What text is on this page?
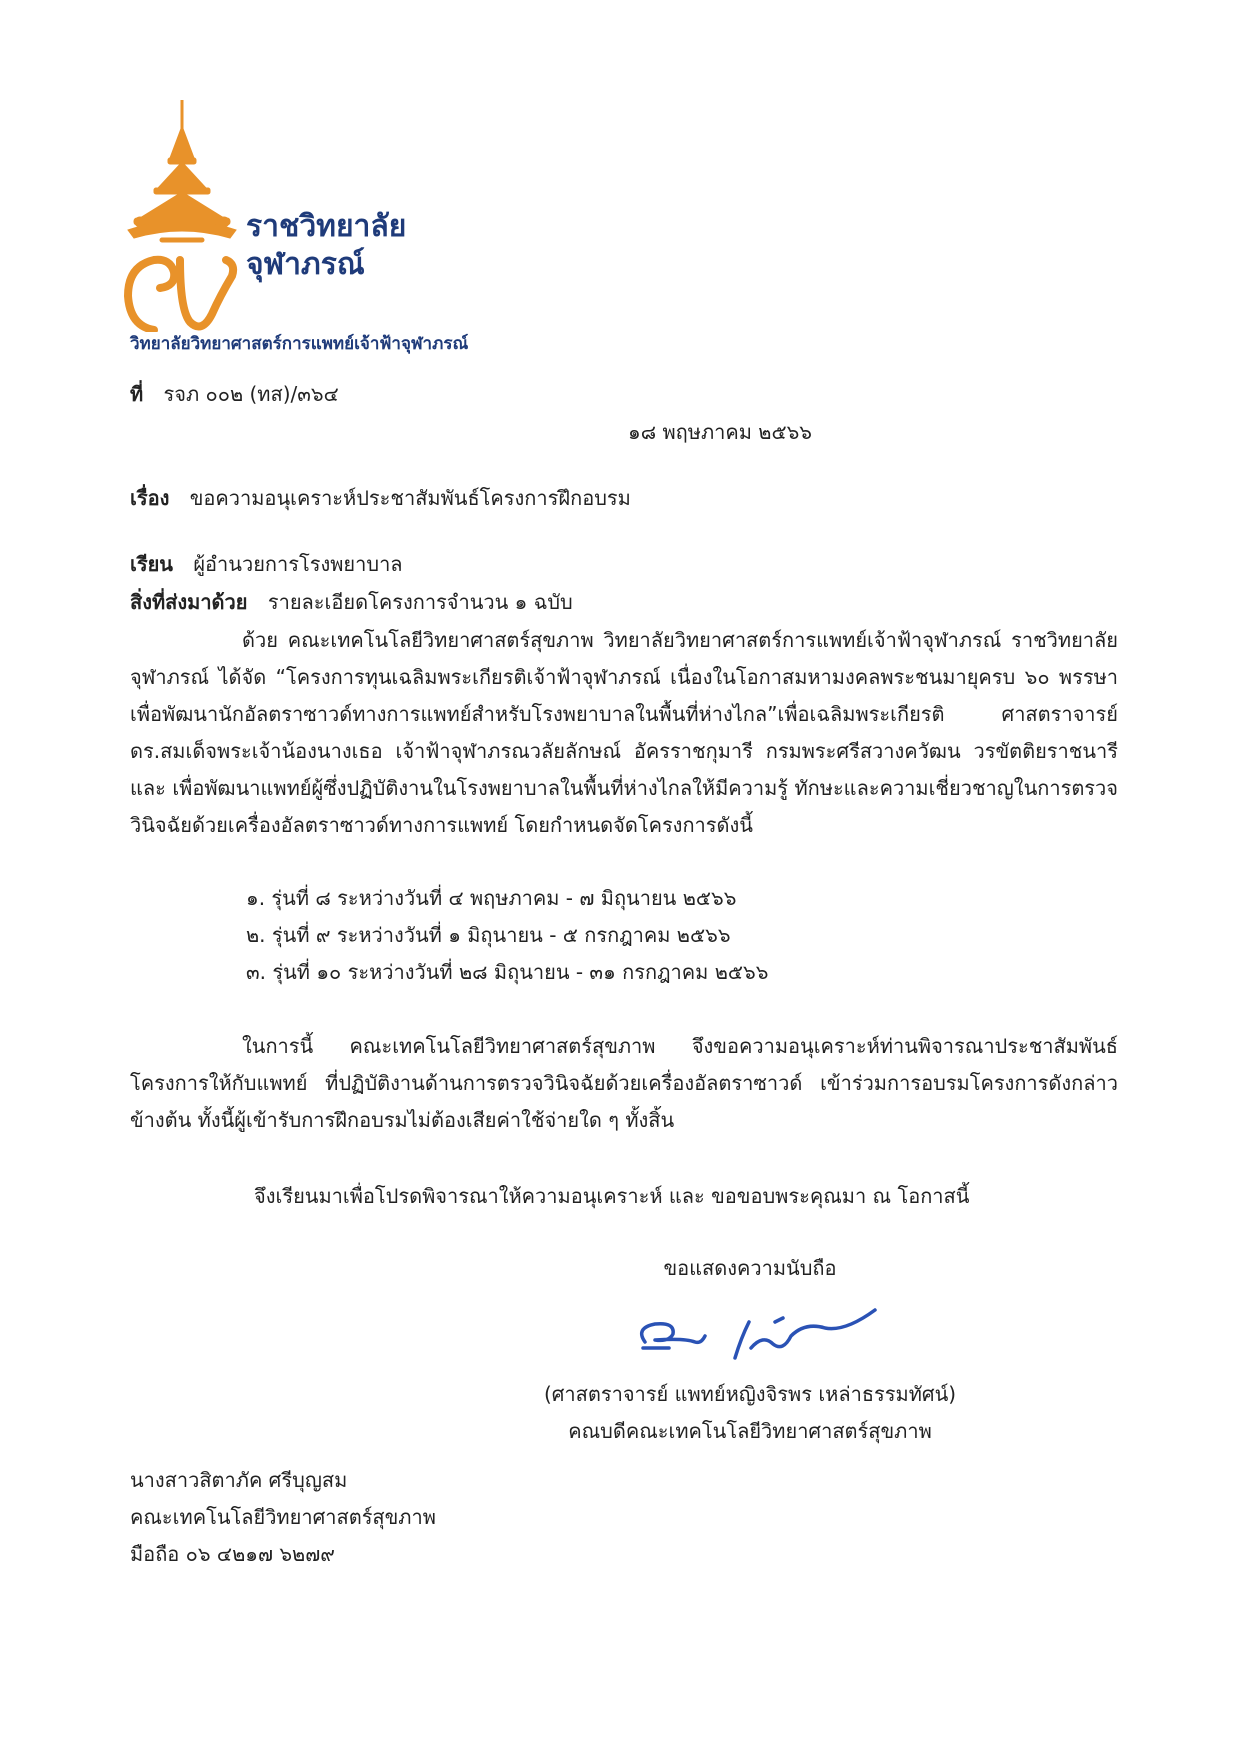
ราชวิทยาลัย
จุฬาภรณ์
วิทยาลัยวิทยาศาสตร์การแพทย์เจ้าฟ้าจุฬาภรณ์
ที่ รจภ ๐๐๒ (ทส)/๓๖๔
๑๘ พฤษภาคม ๒๕๖๖
เรื่อง ขอความอนุเคราะห์ประชาสัมพันธ์โครงการฝึกอบรม
เรียน ผู้อำนวยการโรงพยาบาล
สิ่งที่ส่งมาด้วย รายละเอียดโครงการจำนวน ๑ ฉบับ
ด้วย คณะเทคโนโลยีวิทยาศาสตร์สุขภาพ วิทยาลัยวิทยาศาสตร์การแพทย์เจ้าฟ้าจุฬาภรณ์ ราชวิทยาลัยจุฬาภรณ์ ได้จัด “โครงการทุนเฉลิมพระเกียรติเจ้าฟ้าจุฬาภรณ์ เนื่องในโอกาสมหามงคลพระชนมายุครบ ๖๐ พรรษาเพื่อพัฒนานักอัลตราซาวด์ทางการแพทย์สำหรับโรงพยาบาลในพื้นที่ห่างไกล”เพื่อเฉลิมพระเกียรติ ศาสตราจารย์ ดร.สมเด็จพระเจ้าน้องนางเธอ เจ้าฟ้าจุฬาภรณวลัยลักษณ์ อัครราชกุมารี กรมพระศรีสวางควัฒน วรขัตติยราชนารี และ เพื่อพัฒนาแพทย์ผู้ซึ่งปฏิบัติงานในโรงพยาบาลในพื้นที่ห่างไกลให้มีความรู้ ทักษะและความเชี่ยวชาญในการตรวจวินิจฉัยด้วยเครื่องอัลตราซาวด์ทางการแพทย์ โดยกำหนดจัดโครงการดังนี้
๑. รุ่นที่ ๘ ระหว่างวันที่ ๔ พฤษภาคม - ๗ มิถุนายน ๒๕๖๖
๒. รุ่นที่ ๙ ระหว่างวันที่ ๑ มิถุนายน - ๕ กรกฎาคม ๒๕๖๖
๓. รุ่นที่ ๑๐ ระหว่างวันที่ ๒๘ มิถุนายน - ๓๑ กรกฎาคม ๒๕๖๖
ในการนี้ คณะเทคโนโลยีวิทยาศาสตร์สุขภาพ จึงขอความอนุเคราะห์ท่านพิจารณาประชาสัมพันธ์โครงการให้กับแพทย์ ที่ปฏิบัติงานด้านการตรวจวินิจฉัยด้วยเครื่องอัลตราซาวด์ เข้าร่วมการอบรมโครงการดังกล่าวข้างต้น ทั้งนี้ผู้เข้ารับการฝึกอบรมไม่ต้องเสียค่าใช้จ่ายใด ๆ ทั้งสิ้น
จึงเรียนมาเพื่อโปรดพิจารณาให้ความอนุเคราะห์ และ ขอขอบพระคุณมา ณ โอกาสนี้
ขอแสดงความนับถือ
(ศาสตราจารย์ แพทย์หญิงจิรพร เหล่าธรรมทัศน์)
คณบดีคณะเทคโนโลยีวิทยาศาสตร์สุขภาพ
นางสาวสิตาภัค ศรีบุญสม
คณะเทคโนโลยีวิทยาศาสตร์สุขภาพ
มือถือ ๐๖ ๔๒๑๗ ๖๒๗๙
